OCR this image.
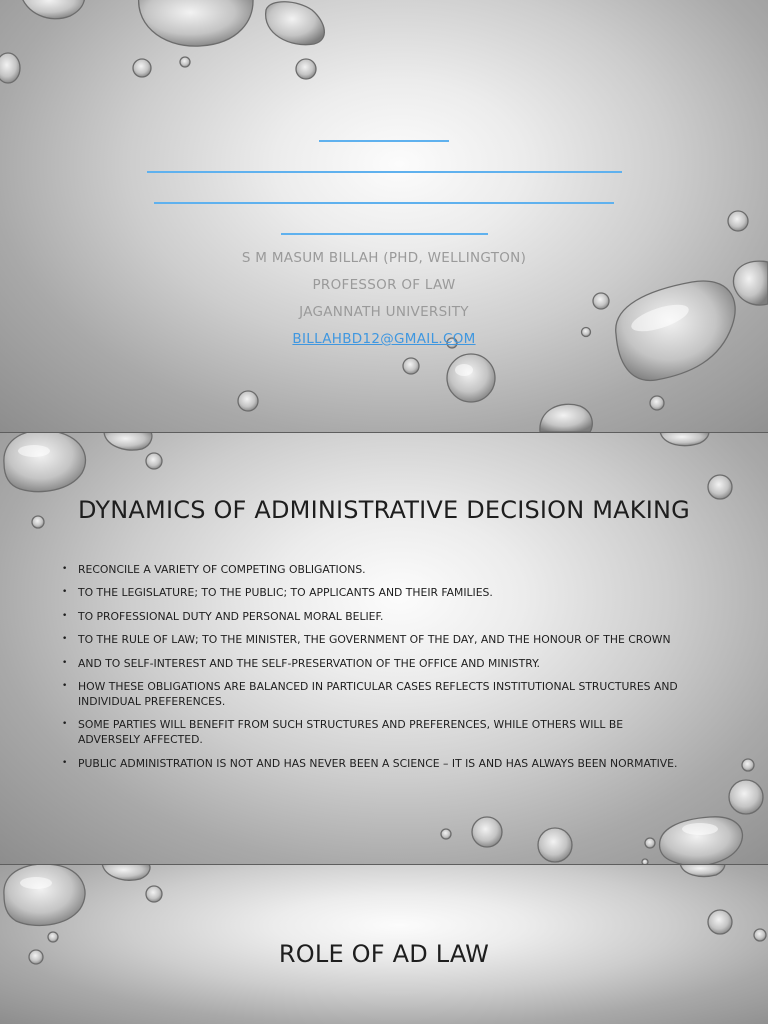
S M MASUM BILLAH (PHD, WELLINGTON)
PROFESSOR OF LAW
JAGANNATH UNIVERSITY
BILLAHBD12@GMAIL.COM
DYNAMICS OF ADMINISTRATIVE DECISION MAKING
• RECONCILE A VARIETY OF COMPETING OBLIGATIONS.
• TO THE LEGISLATURE; TO THE PUBLIC; TO APPLICANTS AND THEIR FAMILIES.
• TO PROFESSIONAL DUTY AND PERSONAL MORAL BELIEF.
• TO THE RULE OF LAW; TO THE MINISTER, THE GOVERNMENT OF THE DAY, AND THE HONOUR OF THE CROWN
• AND TO SELF-INTEREST AND THE SELF-PRESERVATION OF THE OFFICE AND MINISTRY.
• HOW THESE OBLIGATIONS ARE BALANCED IN PARTICULAR CASES REFLECTS INSTITUTIONAL STRUCTURES AND INDIVIDUAL PREFERENCES.
• SOME PARTIES WILL BENEFIT FROM SUCH STRUCTURES AND PREFERENCES, WHILE OTHERS WILL BE ADVERSELY AFFECTED.
• PUBLIC ADMINISTRATION IS NOT AND HAS NEVER BEEN A SCIENCE – IT IS AND HAS ALWAYS BEEN NORMATIVE.
ROLE OF AD LAW
